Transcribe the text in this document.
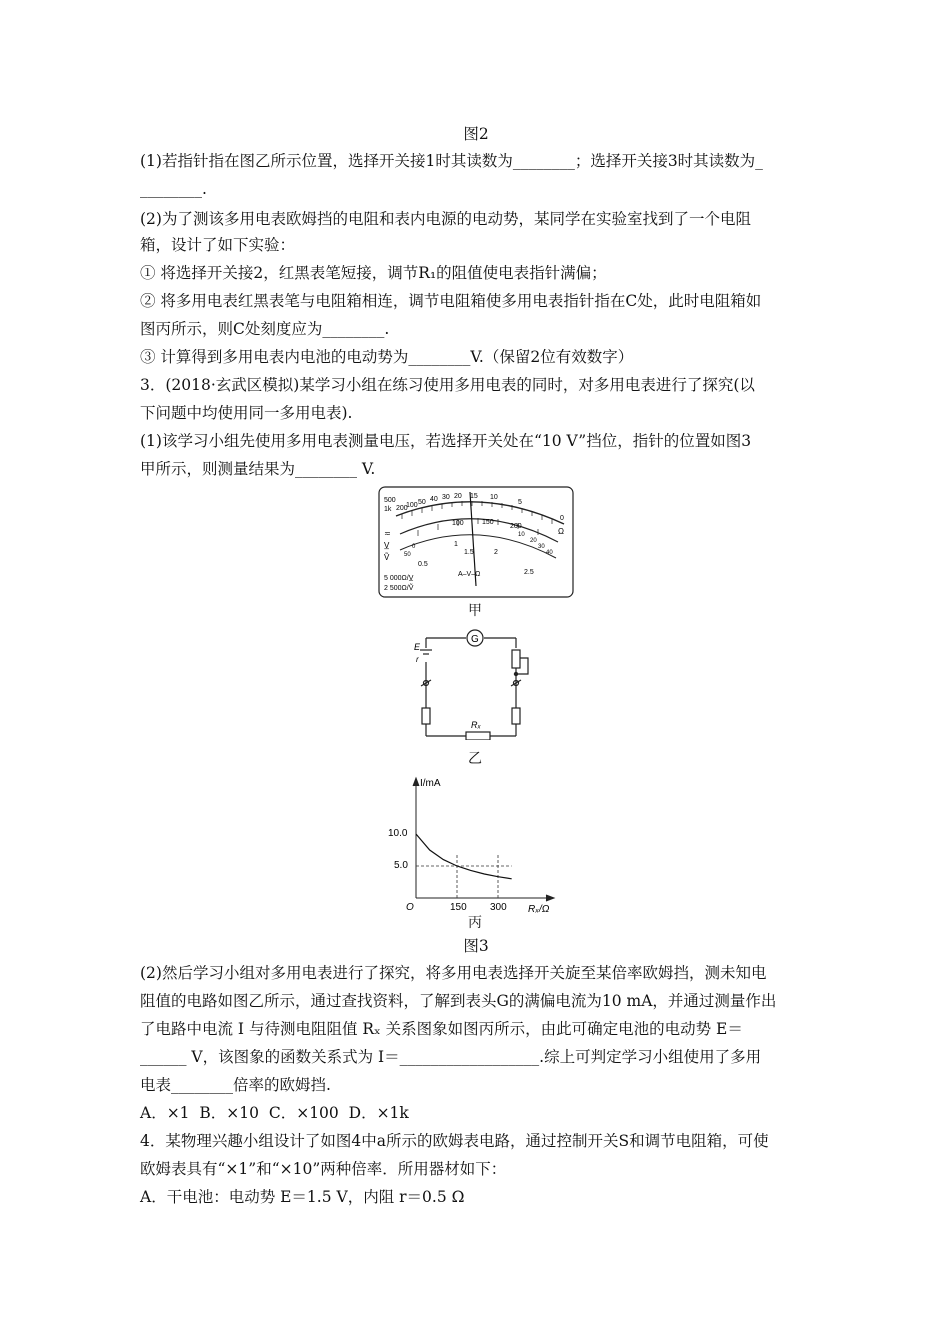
图2
(1)若指针指在图乙所示位置，选择开关接1时其读数为________；选择开关接3时其读数为_
________.
(2)为了测该多用电表欧姆挡的电阻和表内电源的电动势，某同学在实验室找到了一个电阻
箱，设计了如下实验：
① 将选择开关接2，红黑表笔短接，调节R₁的阻值使电表指针满偏；
② 将多用电表红黑表笔与电阻箱相连，调节电阻箱使多用电表指针指在C处，此时电阻箱如
图丙所示，则C处刻度应为________.
③ 计算得到多用电表内电池的电动势为________V.（保留2位有效数字）
3．(2018·玄武区模拟)某学习小组在练习使用多用电表的同时，对多用电表进行了探究(以
下问题中均使用同一多用电表).
(1)该学习小组先使用多用电表测量电压，若选择开关处在“10 V”挡位，指针的位置如图3
甲所示，则测量结果为________ V.
500
1k 200
100 50 40 30 20 15 10
5
0
Ω
100	150
200
0.5
1
1.5	2
2.5
50
0
10
20
30
40
≂
V̲
Ṽ
A–V–Ω
5 000Ω/V̲
2 500Ω/Ṽ
甲
G
E
r
Rₓ
乙
I/mA
Rₓ/Ω
O
10.0
5.0
150 300
丙
图3
(2)然后学习小组对多用电表进行了探究，将多用电表选择开关旋至某倍率欧姆挡，测未知电
阻值的电路如图乙所示，通过查找资料，了解到表头G的满偏电流为10 mA，并通过测量作出
了电路中电流 I 与待测电阻阻值 Rₓ 关系图象如图丙所示，由此可确定电池的电动势 E＝
______ V，该图象的函数关系式为 I＝__________________.综上可判定学习小组使用了多用
电表________倍率的欧姆挡.
A．×1  B．×10  C．×100  D．×1k
4．某物理兴趣小组设计了如图4中a所示的欧姆表电路，通过控制开关S和调节电阻箱，可使
欧姆表具有“×1”和“×10”两种倍率．所用器材如下：
A．干电池：电动势 E＝1.5 V，内阻 r＝0.5 Ω
